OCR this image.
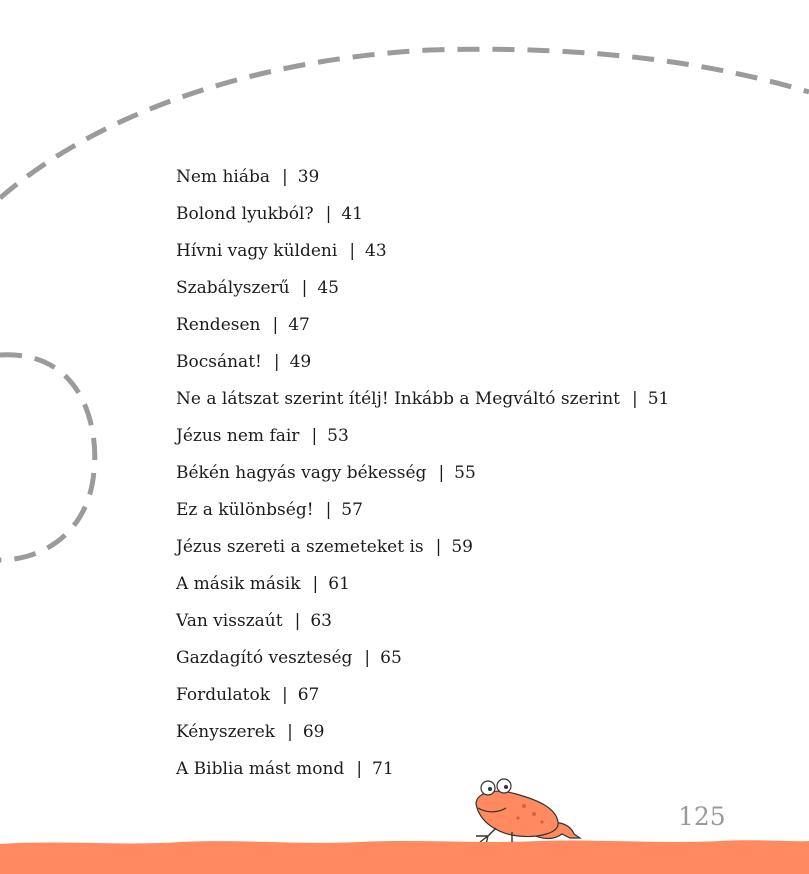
Nem hiába | 39
Bolond lyukból? | 41
Hívni vagy küldeni | 43
Szabályszerű | 45
Rendesen | 47
Bocsánat! | 49
Ne a látszat szerint ítélj! Inkább a Megváltó szerint | 51
Jézus nem fair | 53
Békén hagyás vagy békesség | 55
Ez a különbség! | 57
Jézus szereti a szemeteket is | 59
A másik másik | 61
Van visszaút | 63
Gazdagító veszteség | 65
Fordulatok | 67
Kényszerek | 69
A Biblia mást mond | 71
125
